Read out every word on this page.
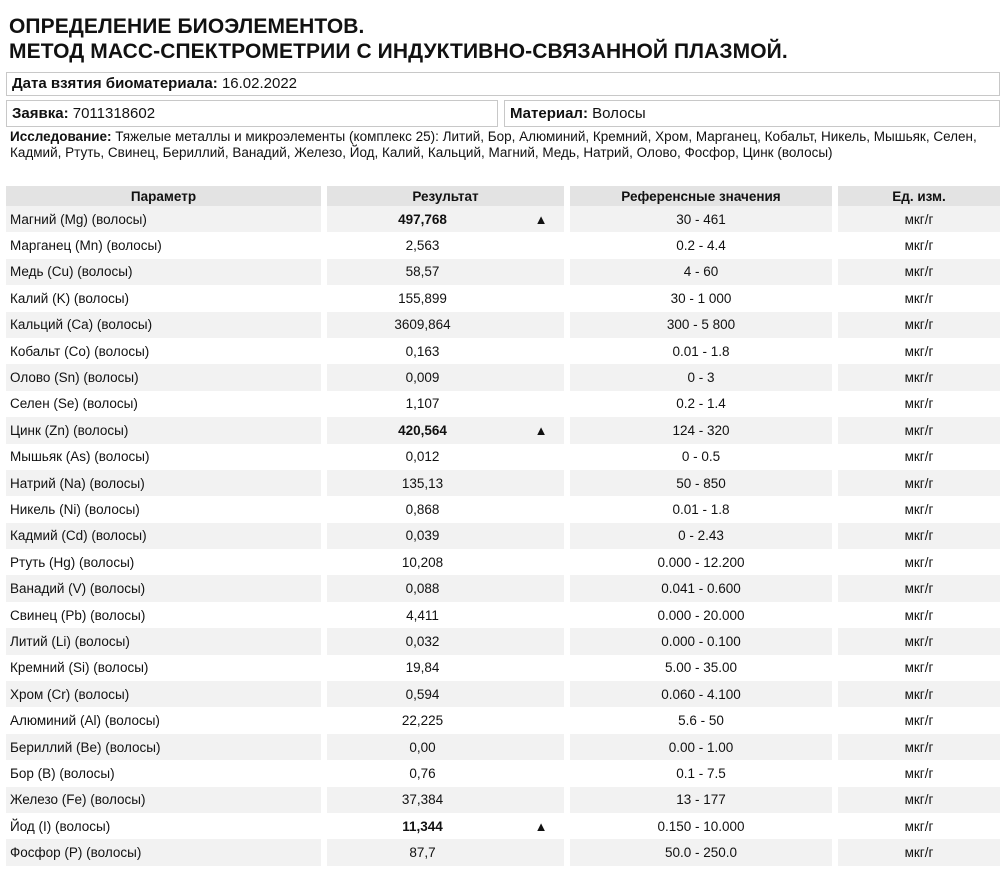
ОПРЕДЕЛЕНИЕ БИОЭЛЕМЕНТОВ.
МЕТОД МАСС-СПЕКТРОМЕТРИИ С ИНДУКТИВНО-СВЯЗАННОЙ ПЛАЗМОЙ.
Дата взятия биоматериала: 16.02.2022
Заявка: 7011318602	Материал: Волосы
Исследование: Тяжелые металлы и микроэлементы (комплекс 25): Литий, Бор, Алюминий, Кремний, Хром, Марганец, Кобальт, Никель, Мышьяк, Селен, Кадмий, Ртуть, Свинец, Бериллий, Ванадий, Железо, Йод, Калий, Кальций, Магний, Медь, Натрий, Олово, Фосфор, Цинк (волосы)
Параметр	Результат		Референсные значения	Ед. изм.
Магний (Mg) (волосы)	497,768	▲	30 - 461	мкг/г
Марганец (Mn) (волосы)	2,563		0.2 - 4.4	мкг/г
Медь (Cu) (волосы)	58,57		4 - 60	мкг/г
Калий (K) (волосы)	155,899		30 - 1 000	мкг/г
Кальций (Ca) (волосы)	3609,864		300 - 5 800	мкг/г
Кобальт (Co) (волосы)	0,163		0.01 - 1.8	мкг/г
Олово (Sn) (волосы)	0,009		0 - 3	мкг/г
Селен (Se) (волосы)	1,107		0.2 - 1.4	мкг/г
Цинк (Zn) (волосы)	420,564	▲	124 - 320	мкг/г
Мышьяк (As) (волосы)	0,012		0 - 0.5	мкг/г
Натрий (Na) (волосы)	135,13		50 - 850	мкг/г
Никель (Ni) (волосы)	0,868		0.01 - 1.8	мкг/г
Кадмий (Cd) (волосы)	0,039		0 - 2.43	мкг/г
Ртуть (Hg) (волосы)	10,208		0.000 - 12.200	мкг/г
Ванадий (V) (волосы)	0,088		0.041 - 0.600	мкг/г
Свинец (Pb) (волосы)	4,411		0.000 - 20.000	мкг/г
Литий (Li) (волосы)	0,032		0.000 - 0.100	мкг/г
Кремний (Si) (волосы)	19,84		5.00 - 35.00	мкг/г
Хром (Cr) (волосы)	0,594		0.060 - 4.100	мкг/г
Алюминий (Al) (волосы)	22,225		5.6 - 50	мкг/г
Бериллий (Be) (волосы)	0,00		0.00 - 1.00	мкг/г
Бор (B) (волосы)	0,76		0.1 - 7.5	мкг/г
Железо (Fe) (волосы)	37,384		13 - 177	мкг/г
Йод (I) (волосы)	11,344	▲	0.150 - 10.000	мкг/г
Фосфор (P) (волосы)	87,7		50.0 - 250.0	мкг/г
